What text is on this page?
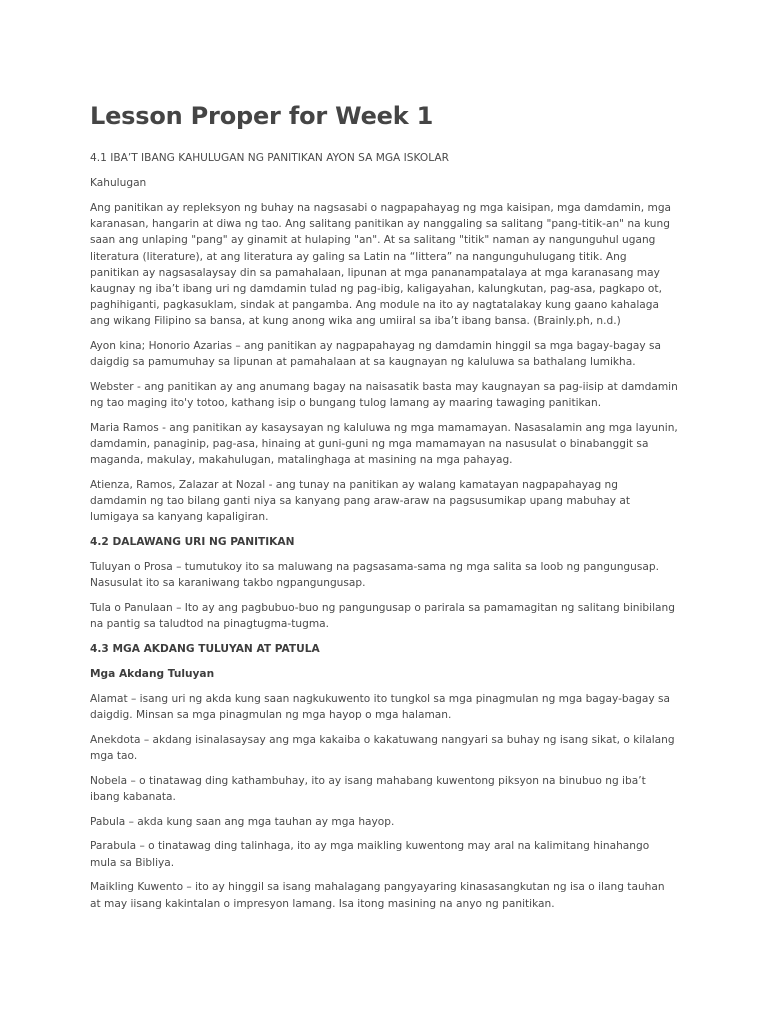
Lesson Proper for Week 1

4.1 IBA’T IBANG KAHULUGAN NG PANITIKAN AYON SA MGA ISKOLAR

Kahulugan

Ang panitikan ay repleksyon ng buhay na nagsasabi o nagpapahayag ng mga kaisipan, mga damdamin, mga karanasan, hangarin at diwa ng tao. Ang salitang panitikan ay nanggaling sa salitang "pang-titik-an" na kung saan ang unlaping "pang" ay ginamit at hulaping "an". At sa salitang "titik" naman ay nangunguhul ugang literatura (literature), at ang literatura ay galing sa Latin na “littera” na nangunguhulugang titik. Ang panitikan ay nagsasalaysay din sa pamahalaan, lipunan at mga pananampatalaya at mga karanasang may kaugnay ng iba’t ibang uri ng damdamin tulad ng pag-ibig, kaligayahan, kalungkutan, pag-asa, pagkapo ot, paghihiganti, pagkasuklam, sindak at pangamba. Ang module na ito ay nagtatalakay kung gaano kahalaga ang wikang Filipino sa bansa, at kung anong wika ang umiiral sa iba’t ibang bansa. (Brainly.ph, n.d.)

Ayon kina; Honorio Azarias – ang panitikan ay nagpapahayag ng damdamin hinggil sa mga bagay-bagay sa daigdig sa pamumuhay sa lipunan at pamahalaan at sa kaugnayan ng kaluluwa sa bathalang lumikha.

Webster - ang panitikan ay ang anumang bagay na naisasatik basta may kaugnayan sa pag-iisip at damdamin ng tao maging ito'y totoo, kathang isip o bungang tulog lamang ay maaring tawaging panitikan.

Maria Ramos - ang panitikan ay kasaysayan ng kaluluwa ng mga mamamayan. Nasasalamin ang mga layunin, damdamin, panaginip, pag-asa, hinaing at guni-guni ng mga mamamayan na nasusulat o binabanggit sa maganda, makulay, makahulugan, matalinghaga at masining na mga pahayag.

Atienza, Ramos, Zalazar at Nozal - ang tunay na panitikan ay walang kamatayan nagpapahayag ng damdamin ng tao bilang ganti niya sa kanyang pang araw-araw na pagsusumikap upang mabuhay at lumigaya sa kanyang kapaligiran.

4.2 DALAWANG URI NG PANITIKAN

Tuluyan o Prosa – tumutukoy ito sa maluwang na pagsasama-sama ng mga salita sa loob ng pangungusap. Nasusulat ito sa karaniwang takbo ngpangungusap.

Tula o Panulaan – Ito ay ang pagbubuo-buo ng pangungusap o parirala sa pamamagitan ng salitang binibilang na pantig sa taludtod na pinagtugma-tugma.

4.3 MGA AKDANG TULUYAN AT PATULA

Mga Akdang Tuluyan

Alamat – isang uri ng akda kung saan nagkukuwento ito tungkol sa mga pinagmulan ng mga bagay-bagay sa daigdig. Minsan sa mga pinagmulan ng mga hayop o mga halaman.

Anekdota – akdang isinalasaysay ang mga kakaiba o kakatuwang nangyari sa buhay ng isang sikat, o kilalang mga tao.

Nobela – o tinatawag ding kathambuhay, ito ay isang mahabang kuwentong piksyon na binubuo ng iba’t ibang kabanata.

Pabula – akda kung saan ang mga tauhan ay mga hayop.

Parabula – o tinatawag ding talinhaga, ito ay mga maikling kuwentong may aral na kalimitang hinahango mula sa Bibliya.

Maikling Kuwento – ito ay hinggil sa isang mahalagang pangyayaring kinasasangkutan ng isa o ilang tauhan at may iisang kakintalan o impresyon lamang. Isa itong masining na anyo ng panitikan.
